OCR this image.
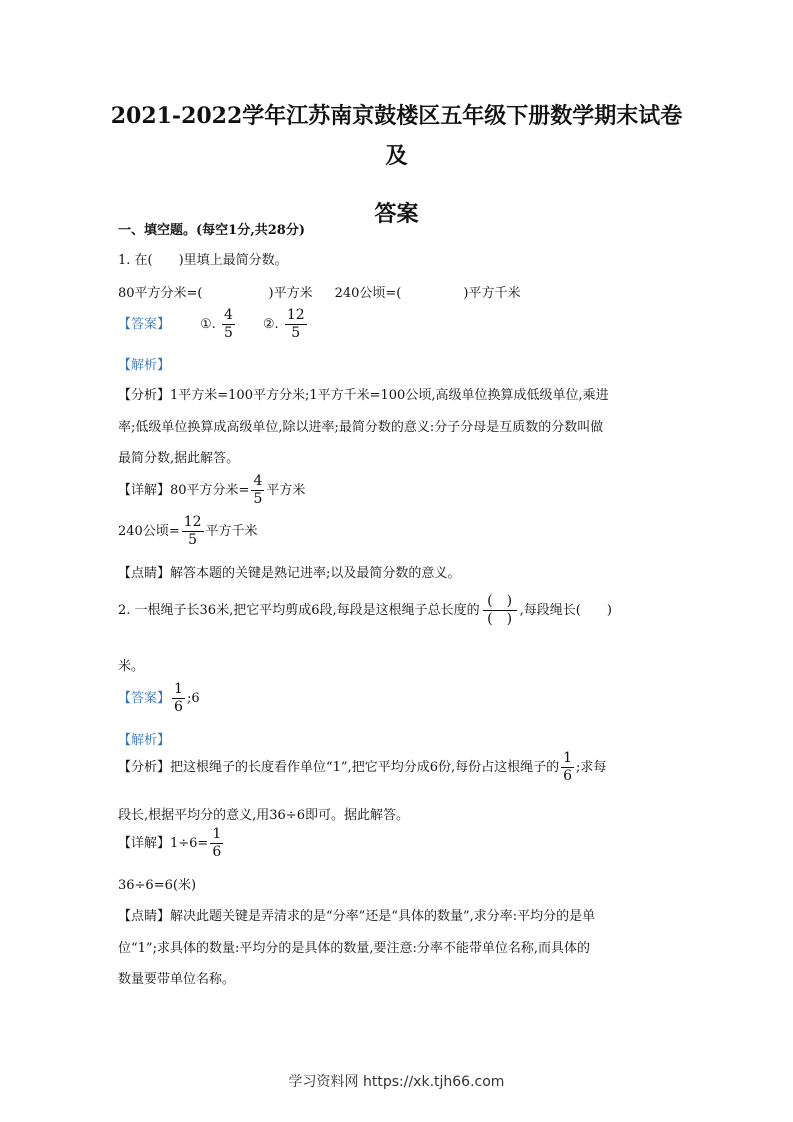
2021-2022学年江苏南京鼓楼区五年级下册数学期末试卷及
答案
一、填空题。(每空1分,共28分)
1. 在(　　)里填上最简分数。
80平方分米=(	)平方米 240公顷=(	)平方千米
【答案】 ①. $\frac{4}{5}$ ②. $\frac{12}{5}$
【解析】
【分析】1平方米=100平方分米;1平方千米=100公顷,高级单位换算成低级单位,乘进
率;低级单位换算成高级单位,除以进率;最简分数的意义:分子分母是互质数的分数叫做
最简分数,据此解答。
【详解】80平方分米= $\frac{4}{5}$ 平方米
240公顷= $\frac{12}{5}$ 平方千米
【点睛】解答本题的关键是熟记进率;以及最简分数的意义。
2. 一根绳子长36米,把它平均剪成6段,每段是这根绳子总长度的 $\frac{( )}{( )}$ ,每段绳长(　　)
米。
【答案】 $\frac{1}{6}$ ;6
【解析】
【分析】把这根绳子的长度看作单位“1”,把它平均分成6份,每份占这根绳子的 $\frac{1}{6}$ ;求每
段长,根据平均分的意义,用36÷6即可。据此解答。
【详解】$1\div 6= \frac{1}{6}$
36÷6=6(米)
【点睛】解决此题关键是弄清求的是“分率”还是“具体的数量”,求分率:平均分的是单
位“1”;求具体的数量:平均分的是具体的数量,要注意:分率不能带单位名称,而具体的
数量要带单位名称。
学习资料网 https://xk.tjh66.com
